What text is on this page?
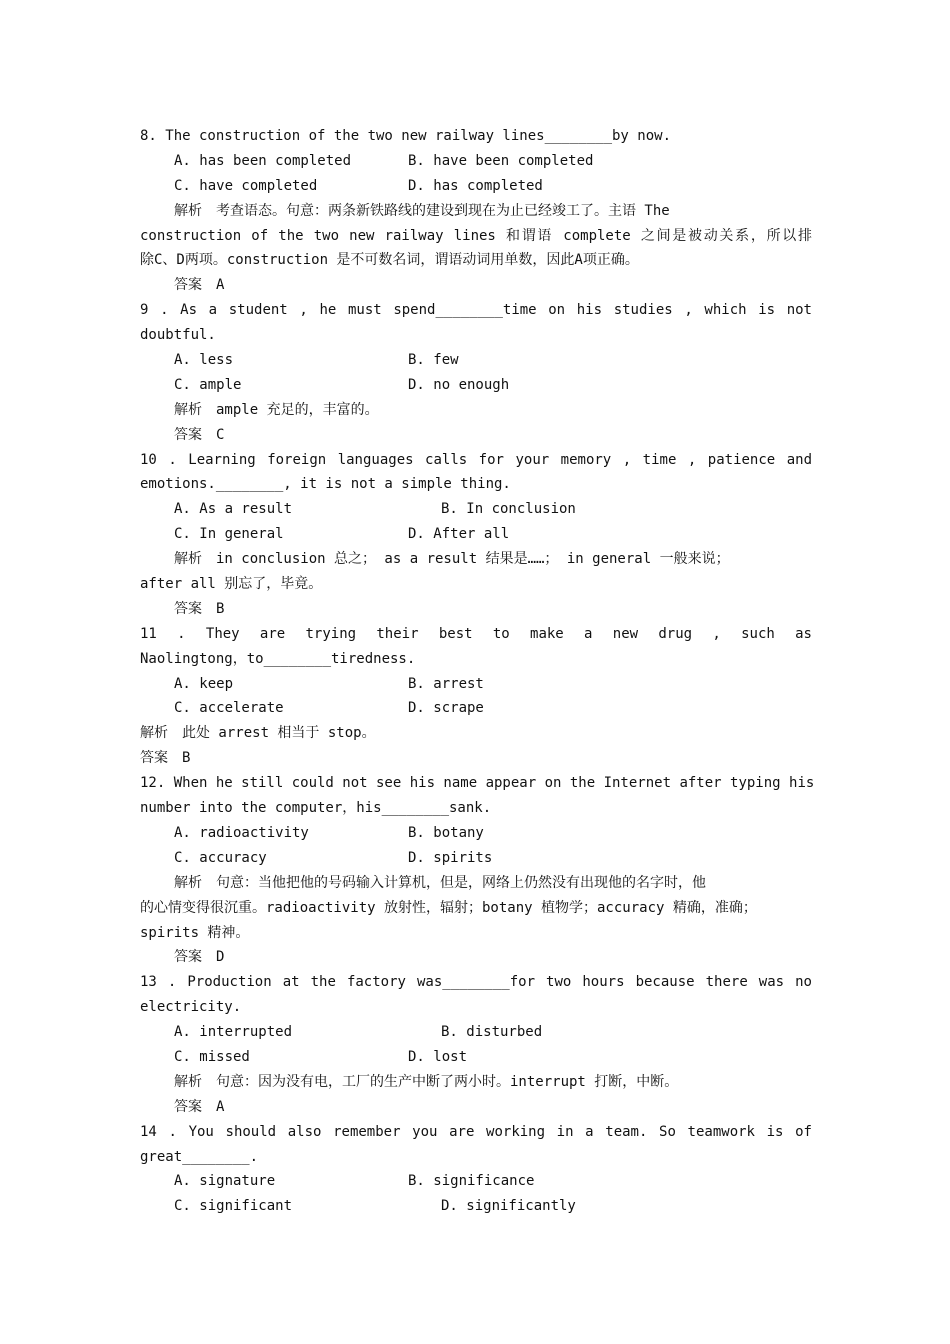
8. The construction of the two new railway lines________by now.
A. has been completed	B. have been completed
C. have completed	D. has completed
解析 考查语态。句意：两条新铁路线的建设到现在为止已经竣工了。主语 The
construction of the two new railway lines 和谓语 complete 之间是被动关系，所以排
除C、D两项。construction 是不可数名词，谓语动词用单数，因此A项正确。
答案 A
9 . As a student , he must spend________time on his studies , which is not
doubtful.
A. less	B. few
C. ample	D. no enough
解析 ample 充足的，丰富的。
答案 C
10 . Learning foreign languages calls for your memory , time , patience and
emotions.________, it is not a simple thing.
A. As a result	B. In conclusion
C. In general	D. After all
解析 in conclusion 总之； as a result 结果是……； in general 一般来说；
after all 别忘了，毕竟。
答案 B
11 . They are trying their best to make a new drug , such as
Naolingtong，to________tiredness.
A. keep	B. arrest
C. accelerate	D. scrape
解析 此处 arrest 相当于 stop。
答案 B
12. When he still could not see his name appear on the Internet after typing his
number into the computer，his________sank.
A. radioactivity	B. botany
C. accuracy	D. spirits
解析 句意：当他把他的号码输入计算机，但是，网络上仍然没有出现他的名字时，他
的心情变得很沉重。radioactivity 放射性，辐射；botany 植物学；accuracy 精确，准确；
spirits 精神。
答案 D
13 . Production at the factory was________for two hours because there was no
electricity.
A. interrupted	B. disturbed
C. missed	D. lost
解析 句意：因为没有电，工厂的生产中断了两小时。interrupt 打断，中断。
答案 A
14 . You should also remember you are working in a team. So teamwork is of
great________.
A. signature	B. significance
C. significant	D. significantly
